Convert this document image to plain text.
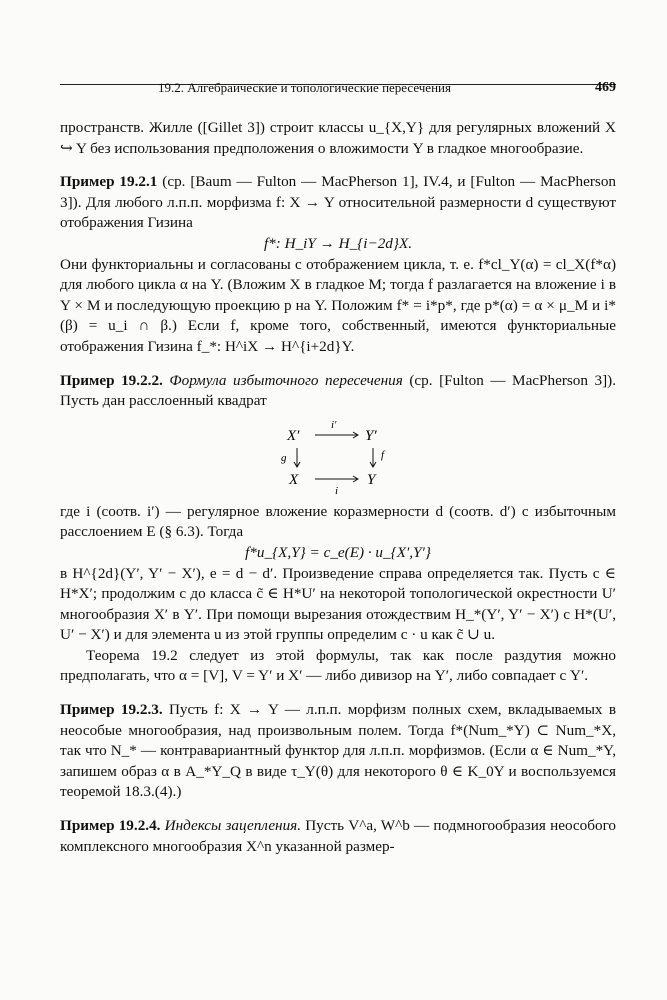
19.2. Алгебраические и топологические пересечения	469

пространств. Жилле ([Gillet 3]) строит классы u_{X,Y} для регулярных вложений X ↪ Y без использования предположения о вложимости Y в гладкое многообразие.

Пример 19.2.1 (ср. [Baum — Fulton — MacPherson 1], IV.4, и [Fulton — MacPherson 3]). Для любого л.п.п. морфизма f: X → Y относительной размерности d существуют отображения Гизина

f*: H_iY → H_{i−2d}X.

Они функториальны и согласованы с отображением цикла, т. е. f*cl_Y(α) = cl_X(f*α) для любого цикла α на Y. (Вложим X в гладкое M; тогда f разлагается на вложение i в Y × M и последующую проекцию p на Y. Положим f* = i*p*, где p*(α) = α × μ_M и i*(β) = u_i ∩ β.) Если f, кроме того, собственный, имеются функториальные отображения Гизина f_*: H^iX → H^{i+2d}Y.

Пример 19.2.2. Формула избыточного пересечения (ср. [Fulton — MacPherson 3]). Пусть дан расслоенный квадрат

X′	Y′
X	Y
i′
i
g	f

где i (соотв. i′) — регулярное вложение коразмерности d (соотв. d′) с избыточным расслоением E (§ 6.3). Тогда

f*u_{X,Y} = c_e(E) · u_{X′,Y′}

в H^{2d}(Y′, Y′ − X′), e = d − d′. Произведение справа определяется так. Пусть c ∈ H*X′; продолжим c до класса c̃ ∈ H*U′ на некоторой топологической окрестности U′ многообразия X′ в Y′. При помощи вырезания отождествим H_*(Y′, Y′ − X′) с H*(U′, U′ − X′) и для элемента u из этой группы определим c · u как c̃ ∪ u.

Теорема 19.2 следует из этой формулы, так как после раздутия можно предполагать, что α = [V], V = Y′ и X′ — либо дивизор на Y′, либо совпадает с Y′.

Пример 19.2.3. Пусть f: X → Y — л.п.п. морфизм полных схем, вкладываемых в неособые многообразия, над произвольным полем. Тогда f*(Num_*Y) ⊂ Num_*X, так что N_* — контравариантный функтор для л.п.п. морфизмов. (Если α ∈ Num_*Y, запишем образ α в A_*Y_Q в виде τ_Y(θ) для некоторого θ ∈ K_0Y и воспользуемся теоремой 18.3.(4).)

Пример 19.2.4. Индексы зацепления. Пусть V^a, W^b — подмногообразия неособого комплексного многообразия X^n указанной размер-
